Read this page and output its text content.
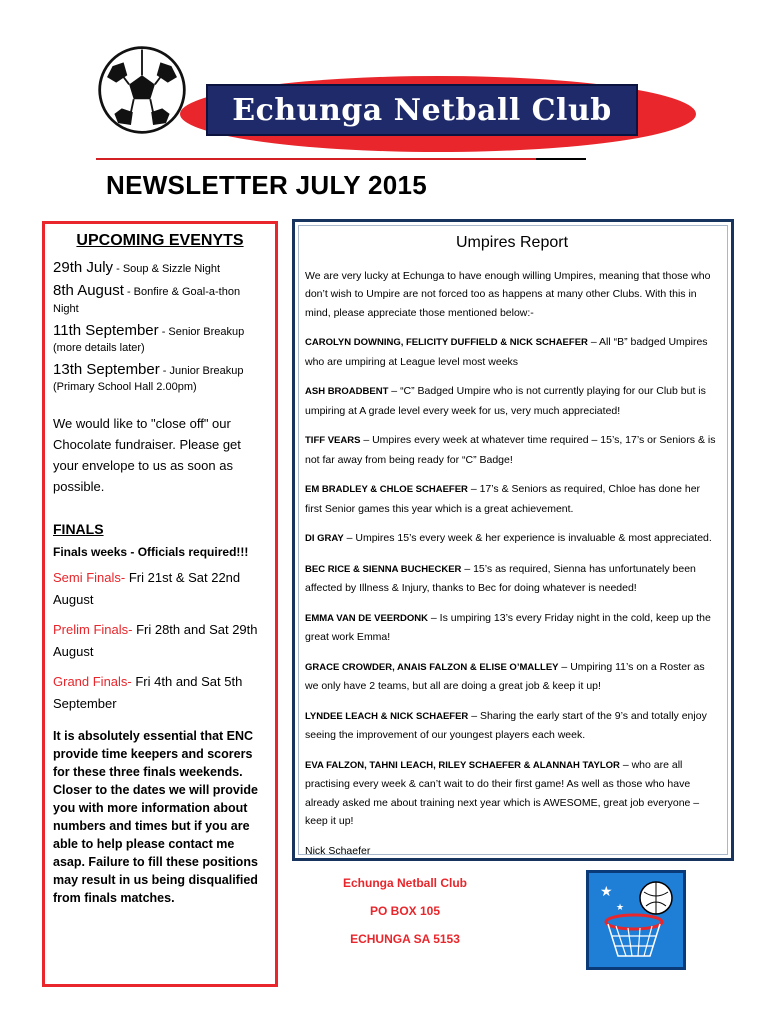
Echunga Netball Club
NEWSLETTER JULY 2015
UPCOMING EVENYTS
29th July - Soup & Sizzle Night
8th August - Bonfire & Goal-a-thon Night
11th September - Senior Breakup
(more details later)
13th September - Junior Breakup
(Primary School Hall 2.00pm)
We would like to "close off" our Chocolate fundraiser. Please get your envelope to us as soon as possible.
FINALS
Finals weeks - Officials required!!!
Semi Finals- Fri 21st & Sat 22nd August
Prelim Finals- Fri 28th and Sat 29th August
Grand Finals- Fri 4th and Sat 5th September
It is absolutely essential that ENC provide time keepers and scorers for these three finals weekends. Closer to the dates we will provide you with more information about numbers and times but if you are able to help please contact me asap. Failure to fill these positions may result in us being disqualified from finals matches.
Umpires Report

We are very lucky at Echunga to have enough willing Umpires, meaning that those who don’t wish to Umpire are not forced too as happens at many other Clubs. With this in mind, please appreciate those mentioned below:-

CAROLYN DOWNING, FELICITY DUFFIELD & NICK SCHAEFER – All “B” badged Umpires who are umpiring at League level most weeks

ASH BROADBENT – “C” Badged Umpire who is not currently playing for our Club but is umpiring at A grade level every week for us, very much appreciated!

TIFF VEARS – Umpires every week at whatever time required – 15’s, 17’s or Seniors & is not far away from being ready for “C” Badge!

EM BRADLEY & CHLOE SCHAEFER – 17’s & Seniors as required, Chloe has done her first Senior games this year which is a great achievement.

DI GRAY – Umpires 15’s every week & her experience is invaluable & most appreciated.

BEC RICE & SIENNA BUCHECKER – 15’s as required, Sienna has unfortunately been affected by Illness & Injury, thanks to Bec for doing whatever is needed!

EMMA VAN DE VEERDONK – Is umpiring 13’s every Friday night in the cold, keep up the great work Emma!

GRACE CROWDER, ANAIS FALZON & ELISE O’MALLEY – Umpiring 11’s on a Roster as we only have 2 teams, but all are doing a great job & keep it up!

LYNDEE LEACH & NICK SCHAEFER – Sharing the early start of the 9’s and totally enjoy seeing the improvement of our youngest players each week.

EVA FALZON, TAHNI LEACH, RILEY SCHAEFER & ALANNAH TAYLOR – who are all practising every week & can’t wait to do their first game! As well as those who have already asked me about training next year which is AWESOME, great job everyone – keep it up!

Nick Schaefer

Echunga Netball Club
PO BOX 105
ECHUNGA SA 5153
★
★
